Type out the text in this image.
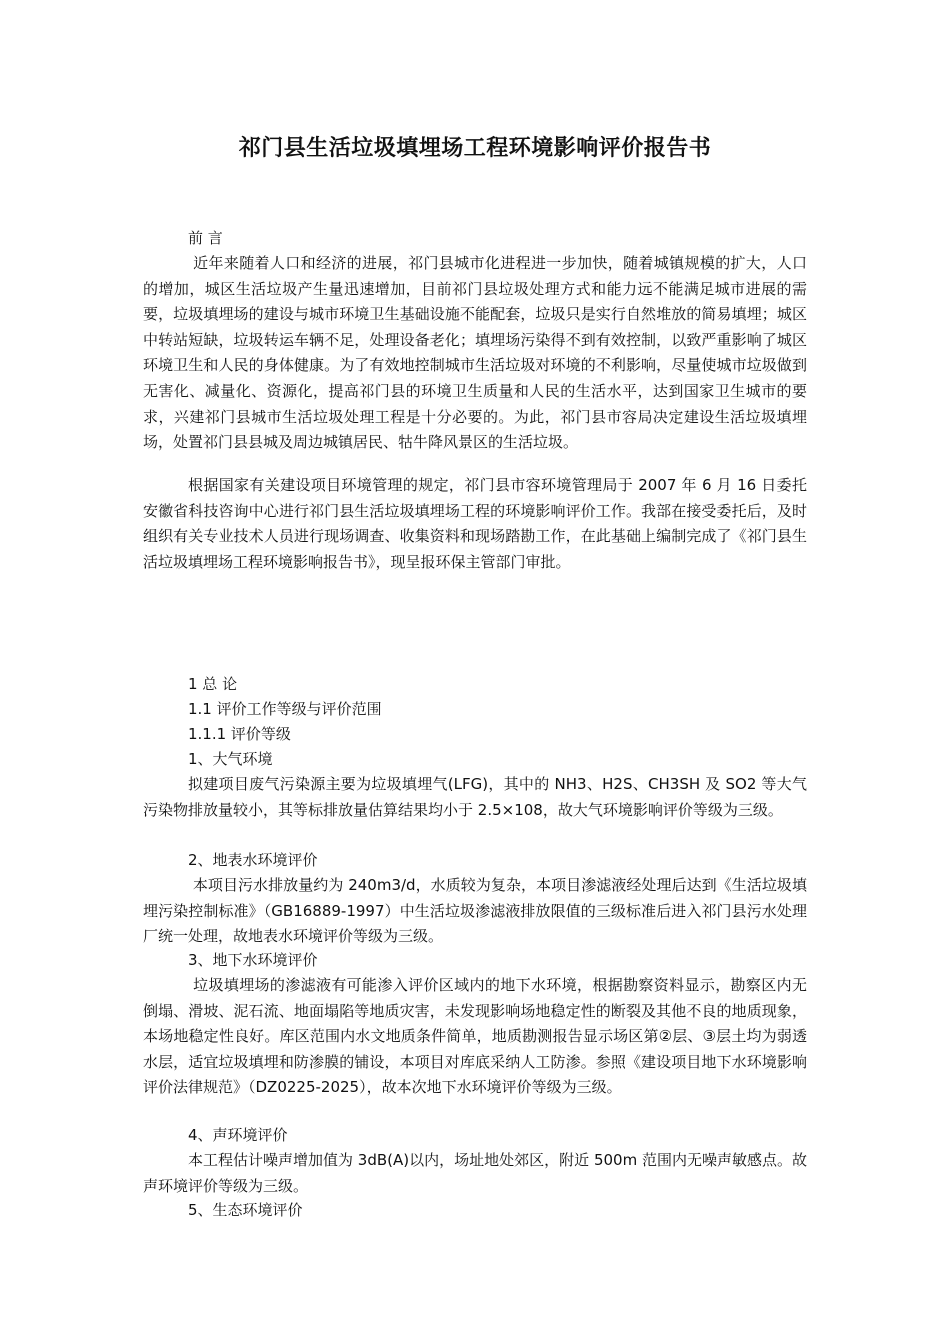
祁门县生活垃圾填埋场工程环境影响评价报告书

前 言

近年来随着人口和经济的进展，祁门县城市化进程进一步加快，随着城镇规模的扩大，人口的增加，城区生活垃圾产生量迅速增加，目前祁门县垃圾处理方式和能力远不能满足城市进展的需要，垃圾填埋场的建设与城市环境卫生基础设施不能配套，垃圾只是实行自然堆放的简易填埋；城区中转站短缺，垃圾转运车辆不足，处理设备老化；填埋场污染得不到有效控制，以致严重影响了城区环境卫生和人民的身体健康。为了有效地控制城市生活垃圾对环境的不利影响，尽量使城市垃圾做到无害化、减量化、资源化，提高祁门县的环境卫生质量和人民的生活水平，达到国家卫生城市的要求，兴建祁门县城市生活垃圾处理工程是十分必要的。为此，祁门县市容局决定建设生活垃圾填埋场，处置祁门县县城及周边城镇居民、牯牛降风景区的生活垃圾。

根据国家有关建设项目环境管理的规定，祁门县市容环境管理局于 2007 年 6 月 16 日委托安徽省科技咨询中心进行祁门县生活垃圾填埋场工程的环境影响评价工作。我部在接受委托后，及时组织有关专业技术人员进行现场调查、收集资料和现场踏勘工作，在此基础上编制完成了《祁门县生活垃圾填埋场工程环境影响报告书》，现呈报环保主管部门审批。

1 总 论

1.1 评价工作等级与评价范围

1.1.1 评价等级

1、大气环境

拟建项目废气污染源主要为垃圾填埋气(LFG)，其中的 NH3、H2S、CH3SH 及 SO2 等大气污染物排放量较小，其等标排放量估算结果均小于 2.5×108，故大气环境影响评价等级为三级。

2、地表水环境评价

本项目污水排放量约为 240m3/d，水质较为复杂，本项目渗滤液经处理后达到《生活垃圾填埋污染控制标准》（GB16889-1997）中生活垃圾渗滤液排放限值的三级标准后进入祁门县污水处理厂统一处理，故地表水环境评价等级为三级。

3、地下水环境评价

垃圾填埋场的渗滤液有可能渗入评价区域内的地下水环境，根据勘察资料显示，勘察区内无倒塌、滑坡、泥石流、地面塌陷等地质灾害，未发现影响场地稳定性的断裂及其他不良的地质现象，本场地稳定性良好。库区范围内水文地质条件简单，地质勘测报告显示场区第②层、③层土均为弱透水层，适宜垃圾填埋和防渗膜的铺设，本项目对库底采纳人工防渗。参照《建设项目地下水环境影响评价法律规范》（DZ0225-2025），故本次地下水环境评价等级为三级。

4、声环境评价

本工程估计噪声增加值为 3dB(A)以内，场址地处郊区，附近 500m 范围内无噪声敏感点。故声环境评价等级为三级。

5、生态环境评价
